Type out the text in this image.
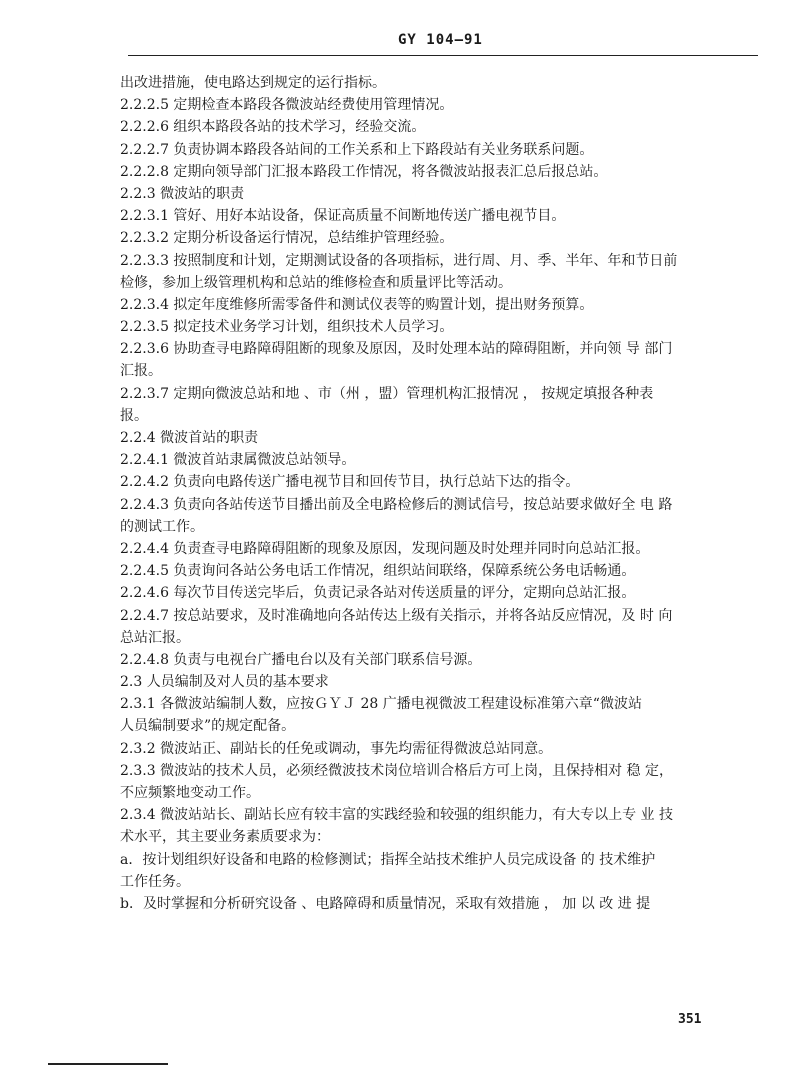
GY 104—91
出改进措施，使电路达到规定的运行指标。
2.2.2.5 定期检查本路段各微波站经费使用管理情况。
2.2.2.6 组织本路段各站的技术学习，经验交流。
2.2.2.7 负责协调本路段各站间的工作关系和上下路段站有关业务联系问题。
2.2.2.8 定期向领导部门汇报本路段工作情况，将各微波站报表汇总后报总站。
2.2.3 微波站的职责
2.2.3.1 管好、用好本站设备，保证高质量不间断地传送广播电视节目。
2.2.3.2 定期分析设备运行情况，总结维护管理经验。
2.2.3.3 按照制度和计划，定期测试设备的各项指标，进行周、月、季、半年、年和节日前
检修，参加上级管理机构和总站的维修检查和质量评比等活动。
2.2.3.4 拟定年度维修所需零备件和测试仪表等的购置计划，提出财务预算。
2.2.3.5 拟定技术业务学习计划，组织技术人员学习。
2.2.3.6 协助查寻电路障碍阻断的现象及原因，及时处理本站的障碍阻断，并向领 导 部门
汇报。
2.2.3.7 定期向微波总站和地 、市（州 ，盟）管理机构汇报情况 ， 按规定填报各种表
报。
2.2.4 微波首站的职责
2.2.4.1 微波首站隶属微波总站领导。
2.2.4.2 负责向电路传送广播电视节目和回传节目，执行总站下达的指令。
2.2.4.3 负责向各站传送节目播出前及全电路检修后的测试信号，按总站要求做好全 电 路
的测试工作。
2.2.4.4 负责查寻电路障碍阻断的现象及原因，发现问题及时处理并同时向总站汇报。
2.2.4.5 负责询问各站公务电话工作情况，组织站间联络，保障系统公务电话畅通。
2.2.4.6 每次节目传送完毕后，负责记录各站对传送质量的评分，定期向总站汇报。
2.2.4.7 按总站要求，及时准确地向各站传达上级有关指示，并将各站反应情况，及 时 向
总站汇报。
2.2.4.8 负责与电视台广播电台以及有关部门联系信号源。
2.3 人员编制及对人员的基本要求
2.3.1 各微波站编制人数，应按ＧＹＪ 28 广播电视微波工程建设标准第六章“微波站
人员编制要求”的规定配备。
2.3.2 微波站正、副站长的任免或调动，事先均需征得微波总站同意。
2.3.3 微波站的技术人员，必须经微波技术岗位培训合格后方可上岗，且保持相对 稳 定，
不应频繁地变动工作。
2.3.4 微波站站长、副站长应有较丰富的实践经验和较强的组织能力，有大专以上专 业 技
术水平，其主要业务素质要求为：
a．按计划组织好设备和电路的检修测试；指挥全站技术维护人员完成设备 的 技术维护
工作任务。
b．及时掌握和分析研究设备 、电路障碍和质量情况，采取有效措施 ， 加 以 改 进 提
351
